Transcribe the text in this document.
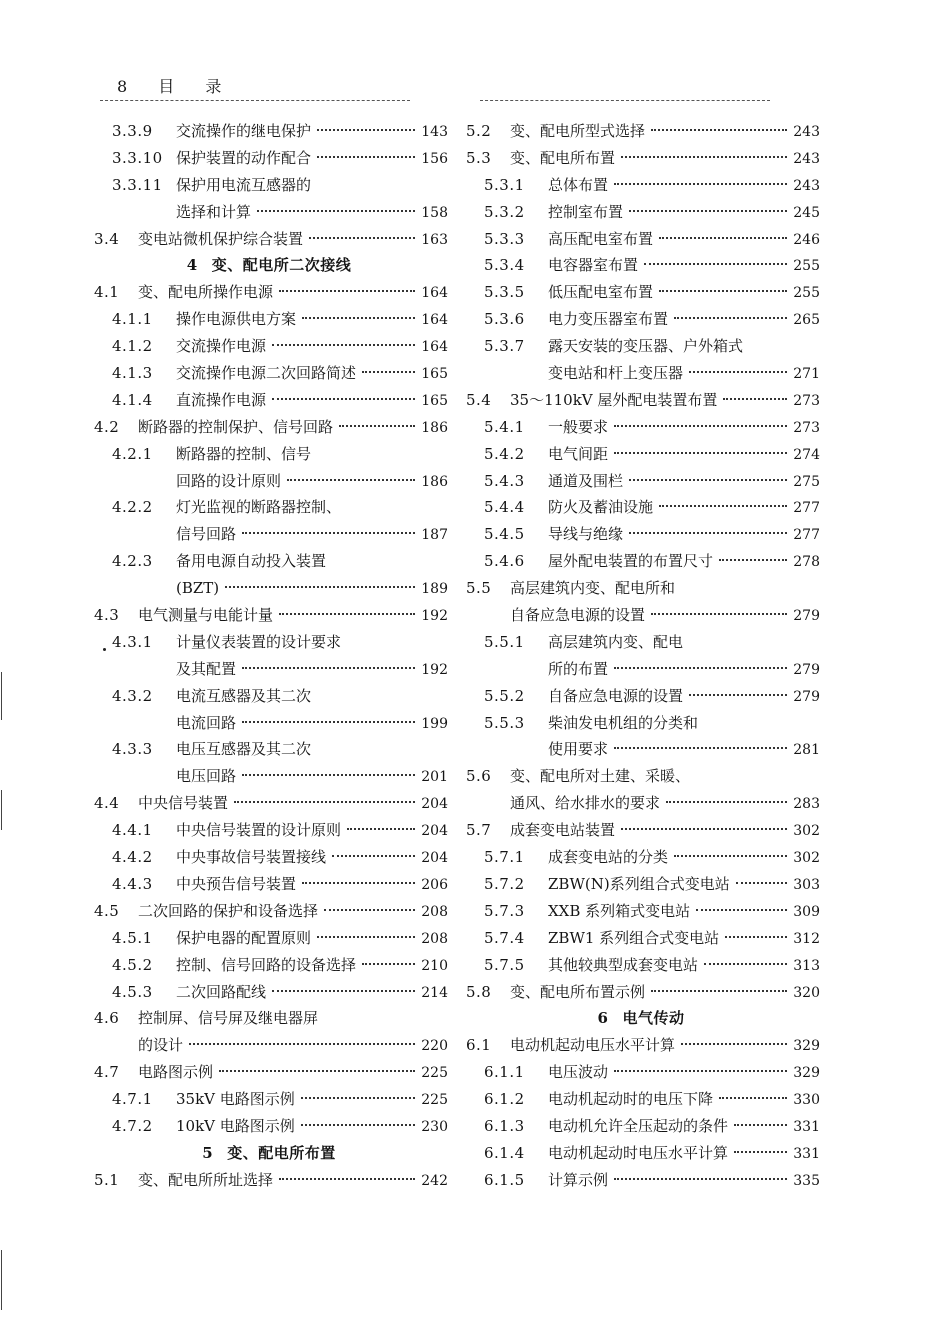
8 目 录
3.3.9	交流操作的继电保护	143
3.3.10 保护装置的动作配合	156
3.3.11 保护用电流互感器的
选择和计算	158
3.4	变电站微机保护综合装置	163
4 变、配电所二次接线
4.1	变、配电所操作电源	164
4.1.1	操作电源供电方案	164
4.1.2	交流操作电源	164
4.1.3	交流操作电源二次回路简述	165
4.1.4	直流操作电源	165
4.2	断路器的控制保护、信号回路	186
4.2.1	断路器的控制、信号
回路的设计原则	186
4.2.2	灯光监视的断路器控制、
信号回路	187
4.2.3	备用电源自动投入装置
(BZT)	189
4.3	电气测量与电能计量	192
4.3.1	计量仪表装置的设计要求
及其配置	192
4.3.2	电流互感器及其二次
电流回路	199
4.3.3	电压互感器及其二次
电压回路	201
4.4	中央信号装置	204
4.4.1	中央信号装置的设计原则	204
4.4.2	中央事故信号装置接线	204
4.4.3	中央预告信号装置	206
4.5	二次回路的保护和设备选择	208
4.5.1	保护电器的配置原则	208
4.5.2	控制、信号回路的设备选择	210
4.5.3	二次回路配线	214
4.6	控制屏、信号屏及继电器屏
的设计	220
4.7	电路图示例	225
4.7.1	35kV 电路图示例	225
4.7.2	10kV 电路图示例	230
5 变、配电所布置
5.1	变、配电所所址选择	242
5.2	变、配电所型式选择	243
5.3	变、配电所布置	243
5.3.1	总体布置	243
5.3.2	控制室布置	245
5.3.3	高压配电室布置	246
5.3.4	电容器室布置	255
5.3.5	低压配电室布置	255
5.3.6	电力变压器室布置	265
5.3.7	露天安装的变压器、户外箱式
变电站和杆上变压器	271
5.4	35～110kV 屋外配电装置布置	273
5.4.1	一般要求	273
5.4.2	电气间距	274
5.4.3	通道及围栏	275
5.4.4	防火及蓄油设施	277
5.4.5	导线与绝缘	277
5.4.6	屋外配电装置的布置尺寸	278
5.5	高层建筑内变、配电所和
自备应急电源的设置	279
5.5.1	高层建筑内变、配电
所的布置	279
5.5.2	自备应急电源的设置	279
5.5.3	柴油发电机组的分类和
使用要求	281
5.6	变、配电所对土建、采暖、
通风、给水排水的要求	283
5.7	成套变电站装置	302
5.7.1	成套变电站的分类	302
5.7.2	ZBW(N)系列组合式变电站	303
5.7.3	XXB 系列箱式变电站	309
5.7.4	ZBW1 系列组合式变电站	312
5.7.5	其他较典型成套变电站	313
5.8	变、配电所布置示例	320
6 电气传动
6.1	电动机起动电压水平计算	329
6.1.1	电压波动	329
6.1.2	电动机起动时的电压下降	330
6.1.3	电动机允许全压起动的条件	331
6.1.4	电动机起动时电压水平计算	331
6.1.5	计算示例	335
